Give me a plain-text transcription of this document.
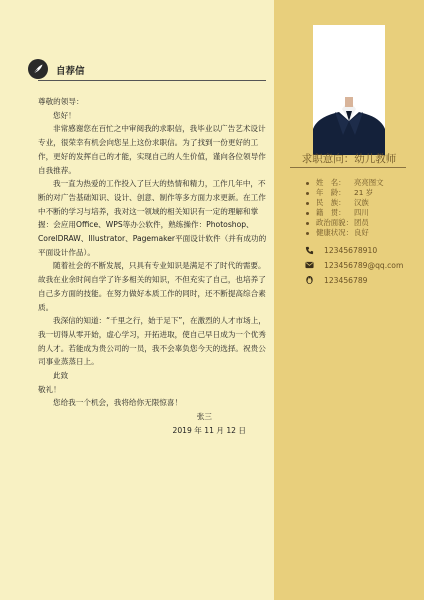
自荐信

尊敬的领导：

您好！

非常感谢您在百忙之中审阅我的求职信，我毕业以广告艺术设计专业，很荣幸有机会向您呈上这份求职信。为了找到一份更好的工作，更好的发挥自己的才能，实现自己的人生价值，谨向各位领导作自我推荐。

我一直为热爱的工作投入了巨大的热情和精力，工作几年中，不断的对广告基础知识、设计、创意、制作等多方面力求更新。在工作中不断的学习与培养，我对这一领域的相关知识有一定的理解和掌握：会应用Office、WPS等办公软件，熟练操作：Photoshop、CorelDRAW、Illustrator、Pagemaker平面设计软件（并有成功的平面设计作品）。

随着社会的不断发展，只具有专业知识是满足不了时代的需要。故我在业余时间自学了许多相关的知识，不但充实了自己，也培养了自己多方面的技能。在努力做好本质工作的同时，还不断提高综合素质。

我深信的知道：“千里之行，始于足下”，在激烈的人才市场上，我一切得从零开始，虚心学习，开拓进取，使自己早日成为一个优秀的人才。若能成为贵公司的一员，我不会辜负您今天的选择。祝贵公司事业蒸蒸日上。

此致

敬礼！

您给我一个机会，我将给你无限惊喜！

张三

2019 年 11 月 12 日

求职意向：幼儿教师
姓　名：	亮亮图文
年　龄：	21 岁
民　族：	汉族
籍　贯：	四川
政治面貌： 团员
健康状况： 良好
12345678910
123456789@qq.com
123456789
